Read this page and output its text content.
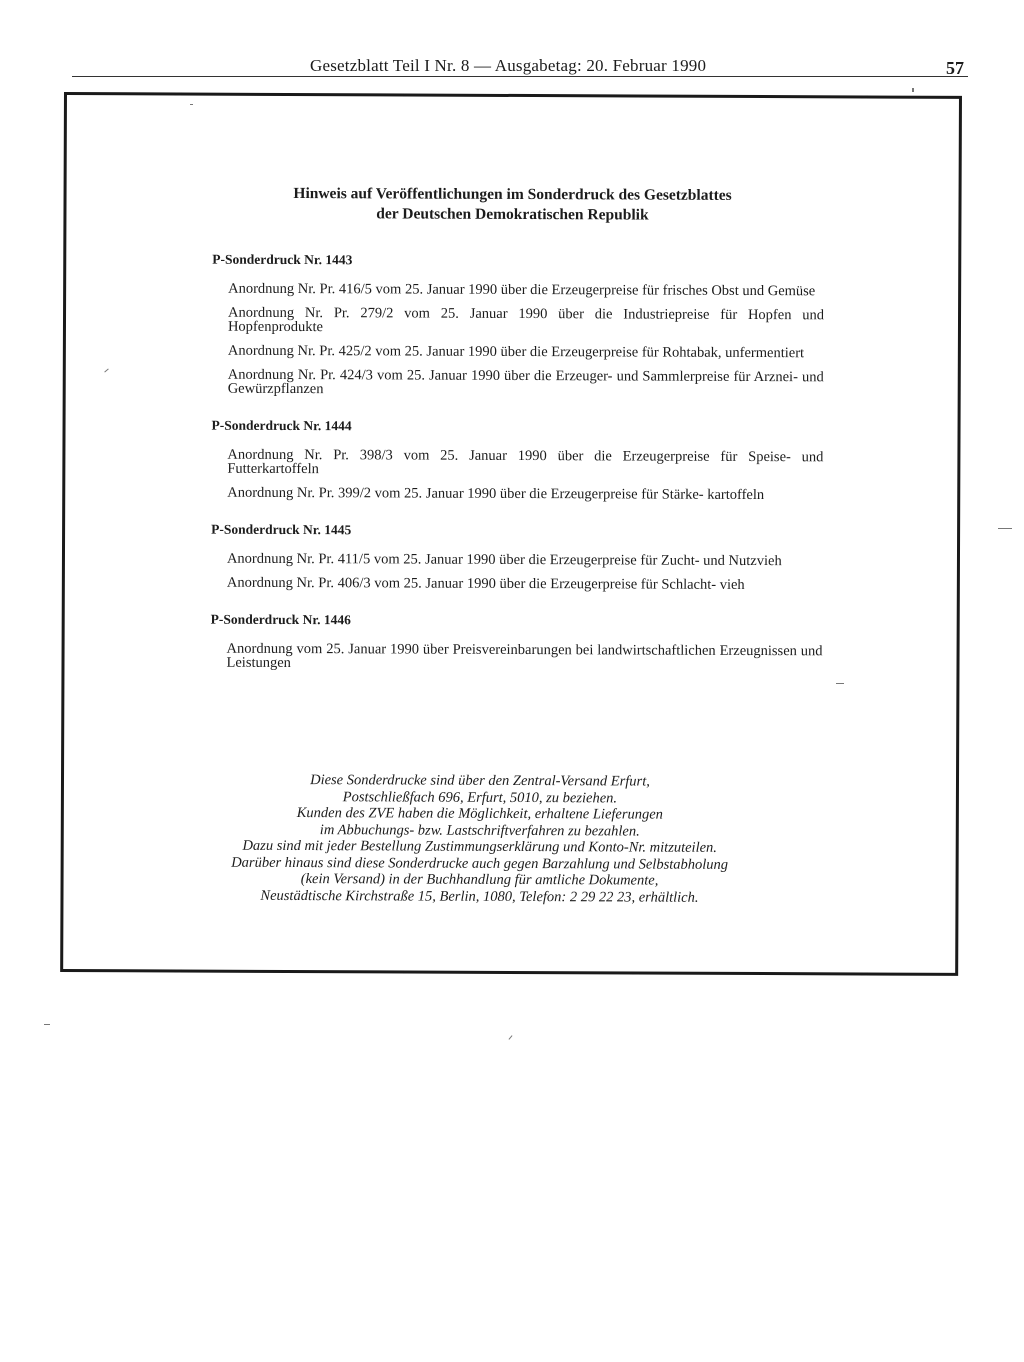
Gesetzblatt Teil I Nr. 8 — Ausgabetag: 20. Februar 1990	57
Hinweis auf Veröffentlichungen im Sonderdruck des Gesetzblattes
der Deutschen Demokratischen Republik
P-Sonderdruck Nr. 1443
Anordnung Nr. Pr. 416/5 vom 25. Januar 1990 über die Erzeugerpreise für frisches Obst und Gemüse
Anordnung Nr. Pr. 279/2 vom 25. Januar 1990 über die Industriepreise für Hopfen und Hopfenprodukte
Anordnung Nr. Pr. 425/2 vom 25. Januar 1990 über die Erzeugerpreise für Rohtabak, unfermentiert
Anordnung Nr. Pr. 424/3 vom 25. Januar 1990 über die Erzeuger- und Sammlerpreise für Arznei- und Gewürzpflanzen
P-Sonderdruck Nr. 1444
Anordnung Nr. Pr. 398/3 vom 25. Januar 1990 über die Erzeugerpreise für Speise- und Futterkartoffeln
Anordnung Nr. Pr. 399/2 vom 25. Januar 1990 über die Erzeugerpreise für Stärke- kartoffeln
P-Sonderdruck Nr. 1445
Anordnung Nr. Pr. 411/5 vom 25. Januar 1990 über die Erzeugerpreise für Zucht- und Nutzvieh
Anordnung Nr. Pr. 406/3 vom 25. Januar 1990 über die Erzeugerpreise für Schlacht- vieh
P-Sonderdruck Nr. 1446
Anordnung vom 25. Januar 1990 über Preisvereinbarungen bei landwirtschaftlichen Erzeugnissen und Leistungen
Diese Sonderdrucke sind über den Zentral-Versand Erfurt,
Postschließfach 696, Erfurt, 5010, zu beziehen.
Kunden des ZVE haben die Möglichkeit, erhaltene Lieferungen
im Abbuchungs- bzw. Lastschriftverfahren zu bezahlen.
Dazu sind mit jeder Bestellung Zustimmungserklärung und Konto-Nr. mitzuteilen.
Darüber hinaus sind diese Sonderdrucke auch gegen Barzahlung und Selbstabholung
(kein Versand) in der Buchhandlung für amtliche Dokumente,
Neustädtische Kirchstraße 15, Berlin, 1080, Telefon: 2 29 22 23, erhältlich.
